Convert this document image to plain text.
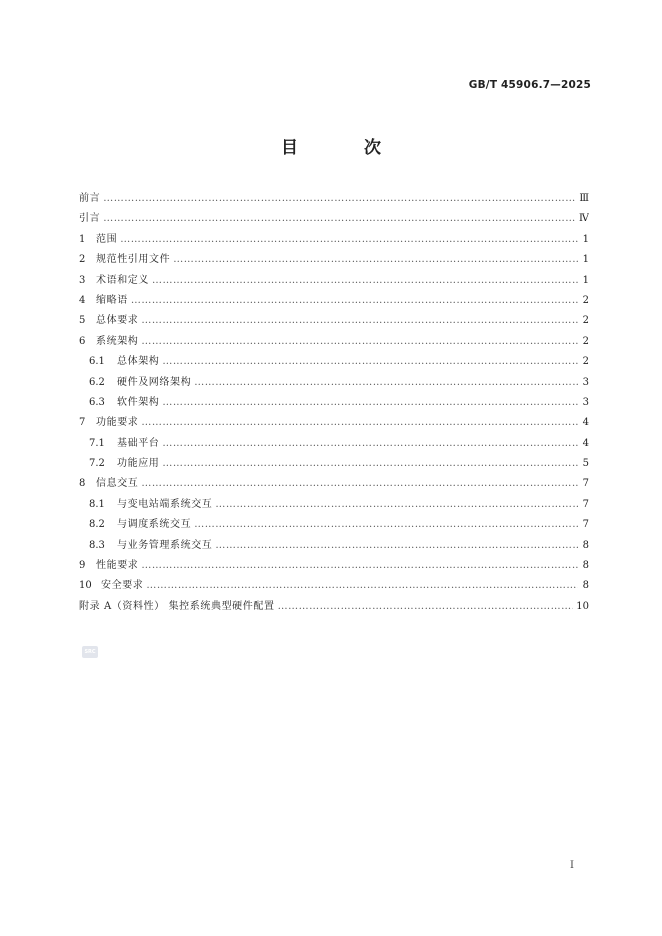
GB/T 45906.7—2025
目 次
前言 …………………………………………………………………………………………………………………………………………………………………………………………………………	Ⅲ
引言 …………………………………………………………………………………………………………………………………………………………………………………………………………	Ⅳ
1	范围 …………………………………………………………………………………………………………………………………………………………………………………………………………	1
2	规范性引用文件 …………………………………………………………………………………………………………………………………………………………………………………………………………	1
3	术语和定义 …………………………………………………………………………………………………………………………………………………………………………………………………………	1
4	缩略语 …………………………………………………………………………………………………………………………………………………………………………………………………………	2
5	总体要求 …………………………………………………………………………………………………………………………………………………………………………………………………………	2
6	系统架构 …………………………………………………………………………………………………………………………………………………………………………………………………………	2
6.1	总体架构 …………………………………………………………………………………………………………………………………………………………………………………………………………	2
6.2	硬件及网络架构 …………………………………………………………………………………………………………………………………………………………………………………………………………	3
6.3	软件架构 …………………………………………………………………………………………………………………………………………………………………………………………………………	3
7	功能要求 …………………………………………………………………………………………………………………………………………………………………………………………………………	4
7.1	基础平台 …………………………………………………………………………………………………………………………………………………………………………………………………………	4
7.2	功能应用 …………………………………………………………………………………………………………………………………………………………………………………………………………	5
8	信息交互 …………………………………………………………………………………………………………………………………………………………………………………………………………	7
8.1	与变电站端系统交互 …………………………………………………………………………………………………………………………………………………………………………………………………………	7
8.2	与调度系统交互 …………………………………………………………………………………………………………………………………………………………………………………………………………	7
8.3	与业务管理系统交互 …………………………………………………………………………………………………………………………………………………………………………………………………………	8
9	性能要求 …………………………………………………………………………………………………………………………………………………………………………………………………………	8
10 安全要求 …………………………………………………………………………………………………………………………………………………………………………………………………………	8
附录 A（资料性） 集控系统典型硬件配置 …………………………………………………………………………………………………………………………………………………………………………………………………………	10
SRC
I
